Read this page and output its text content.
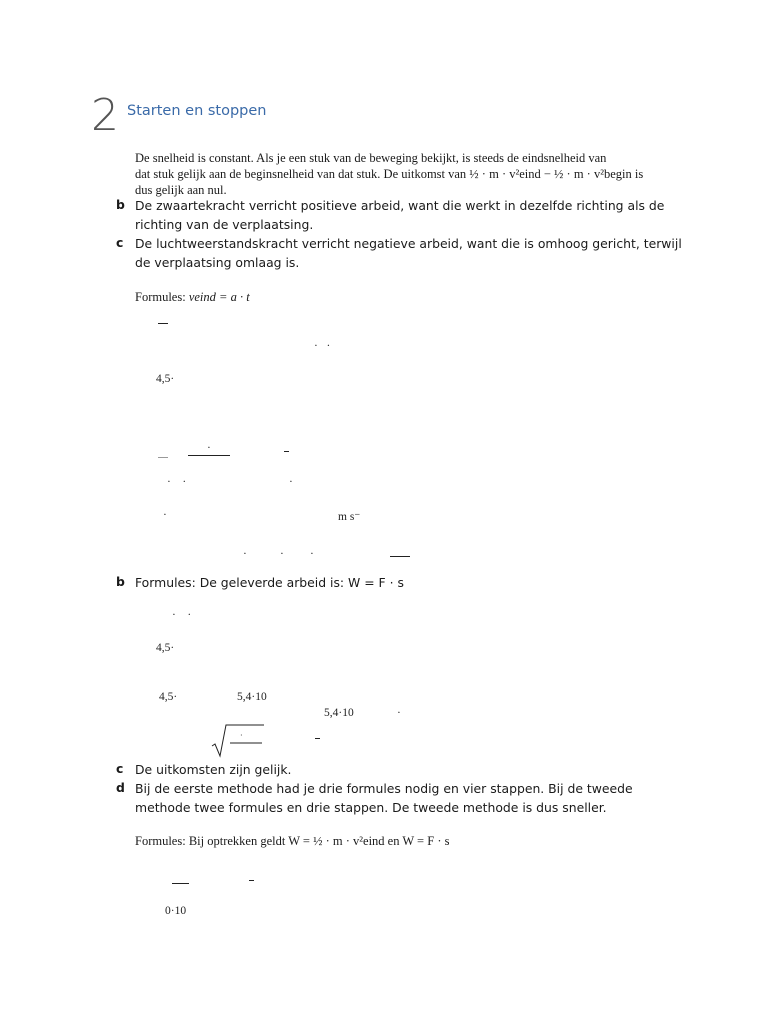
2 Starten en stoppen
De snelheid is constant. Als je een stuk van de beweging bekijkt, is steeds de eindsnelheid van
dat stuk gelijk aan de beginsnelheid van dat stuk. De uitkomst van ½ · m · v²eind − ½ · m · v²begin is
dus gelijk aan nul.
b De zwaartekracht verricht positieve arbeid, want die werkt in dezelfde richting als de
richting van de verplaatsing.
c De luchtweerstandskracht verricht negatieve arbeid, want die is omhoog gericht, terwijl
de verplaatsing omlaag is.
Formules: veind = a · t
·   ·
4,5·
·
·    ·	·
·	m s⁻
·	· ·
b Formules: De geleverde arbeid is: W = F · s
·    ·
4,5·
4,5·	5,4·10
5,4·10	·
·
c De uitkomsten zijn gelijk.
d Bij de eerste methode had je drie formules nodig en vier stappen. Bij de tweede
methode twee formules en drie stappen. De tweede methode is dus sneller.
Formules: Bij optrekken geldt W = ½ · m · v²eind en W = F · s
0·10
